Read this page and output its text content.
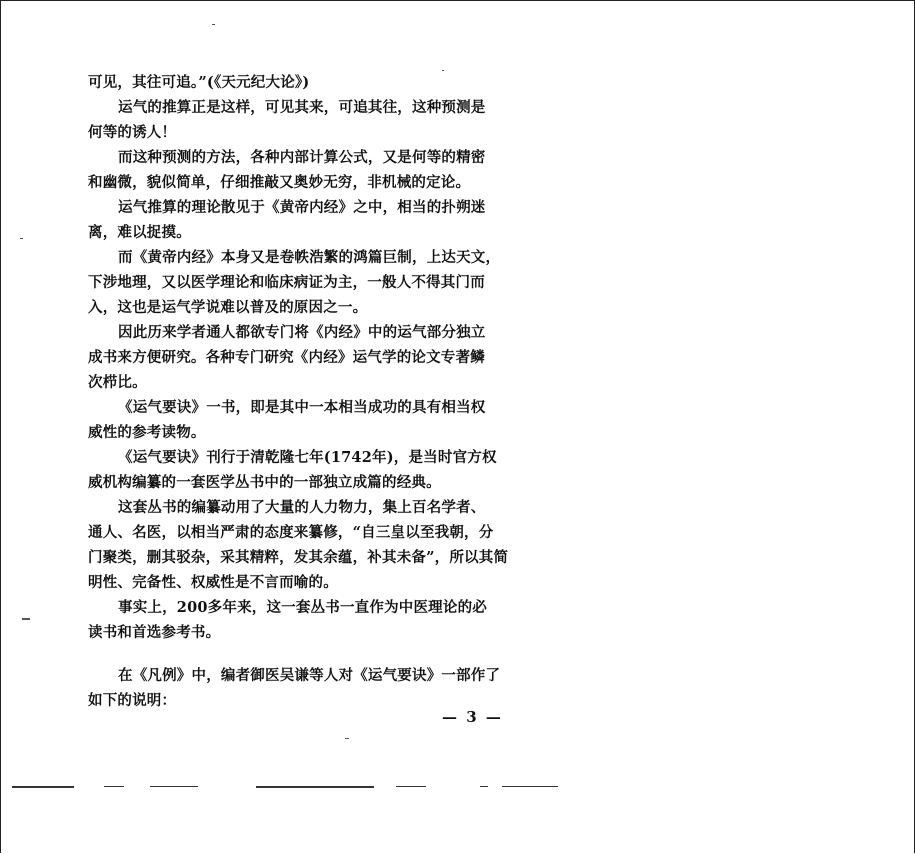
可见，其往可追。”(《天元纪大论》)
运气的推算正是这样，可见其来，可追其往，这种预测是
何等的诱人！
而这种预测的方法，各种内部计算公式，又是何等的精密
和幽微，貌似简单，仔细推敲又奥妙无穷，非机械的定论。
运气推算的理论散见于《黄帝内经》之中，相当的扑朔迷
离，难以捉摸。
而《黄帝内经》本身又是卷帙浩繁的鸿篇巨制，上达天文，
下涉地理，又以医学理论和临床病证为主，一般人不得其门而
入，这也是运气学说难以普及的原因之一。
因此历来学者通人都欲专门将《内经》中的运气部分独立
成书来方便研究。各种专门研究《内经》运气学的论文专著鳞
次栉比。
《运气要诀》一书，即是其中一本相当成功的具有相当权
威性的参考读物。
《运气要诀》刊行于清乾隆七年(1742年)，是当时官方权
威机构编纂的一套医学丛书中的一部独立成篇的经典。
这套丛书的编纂动用了大量的人力物力，集上百名学者、
通人、名医，以相当严肃的态度来纂修，“自三皇以至我朝，分
门聚类，删其驳杂，采其精粹，发其余蕴，补其未备”，所以其简
明性、完备性、权威性是不言而喻的。
事实上，200多年来，这一套丛书一直作为中医理论的必
读书和首选参考书。
在《凡例》中，编者御医吴谦等人对《运气要诀》一部作了
如下的说明：
— 3 —
